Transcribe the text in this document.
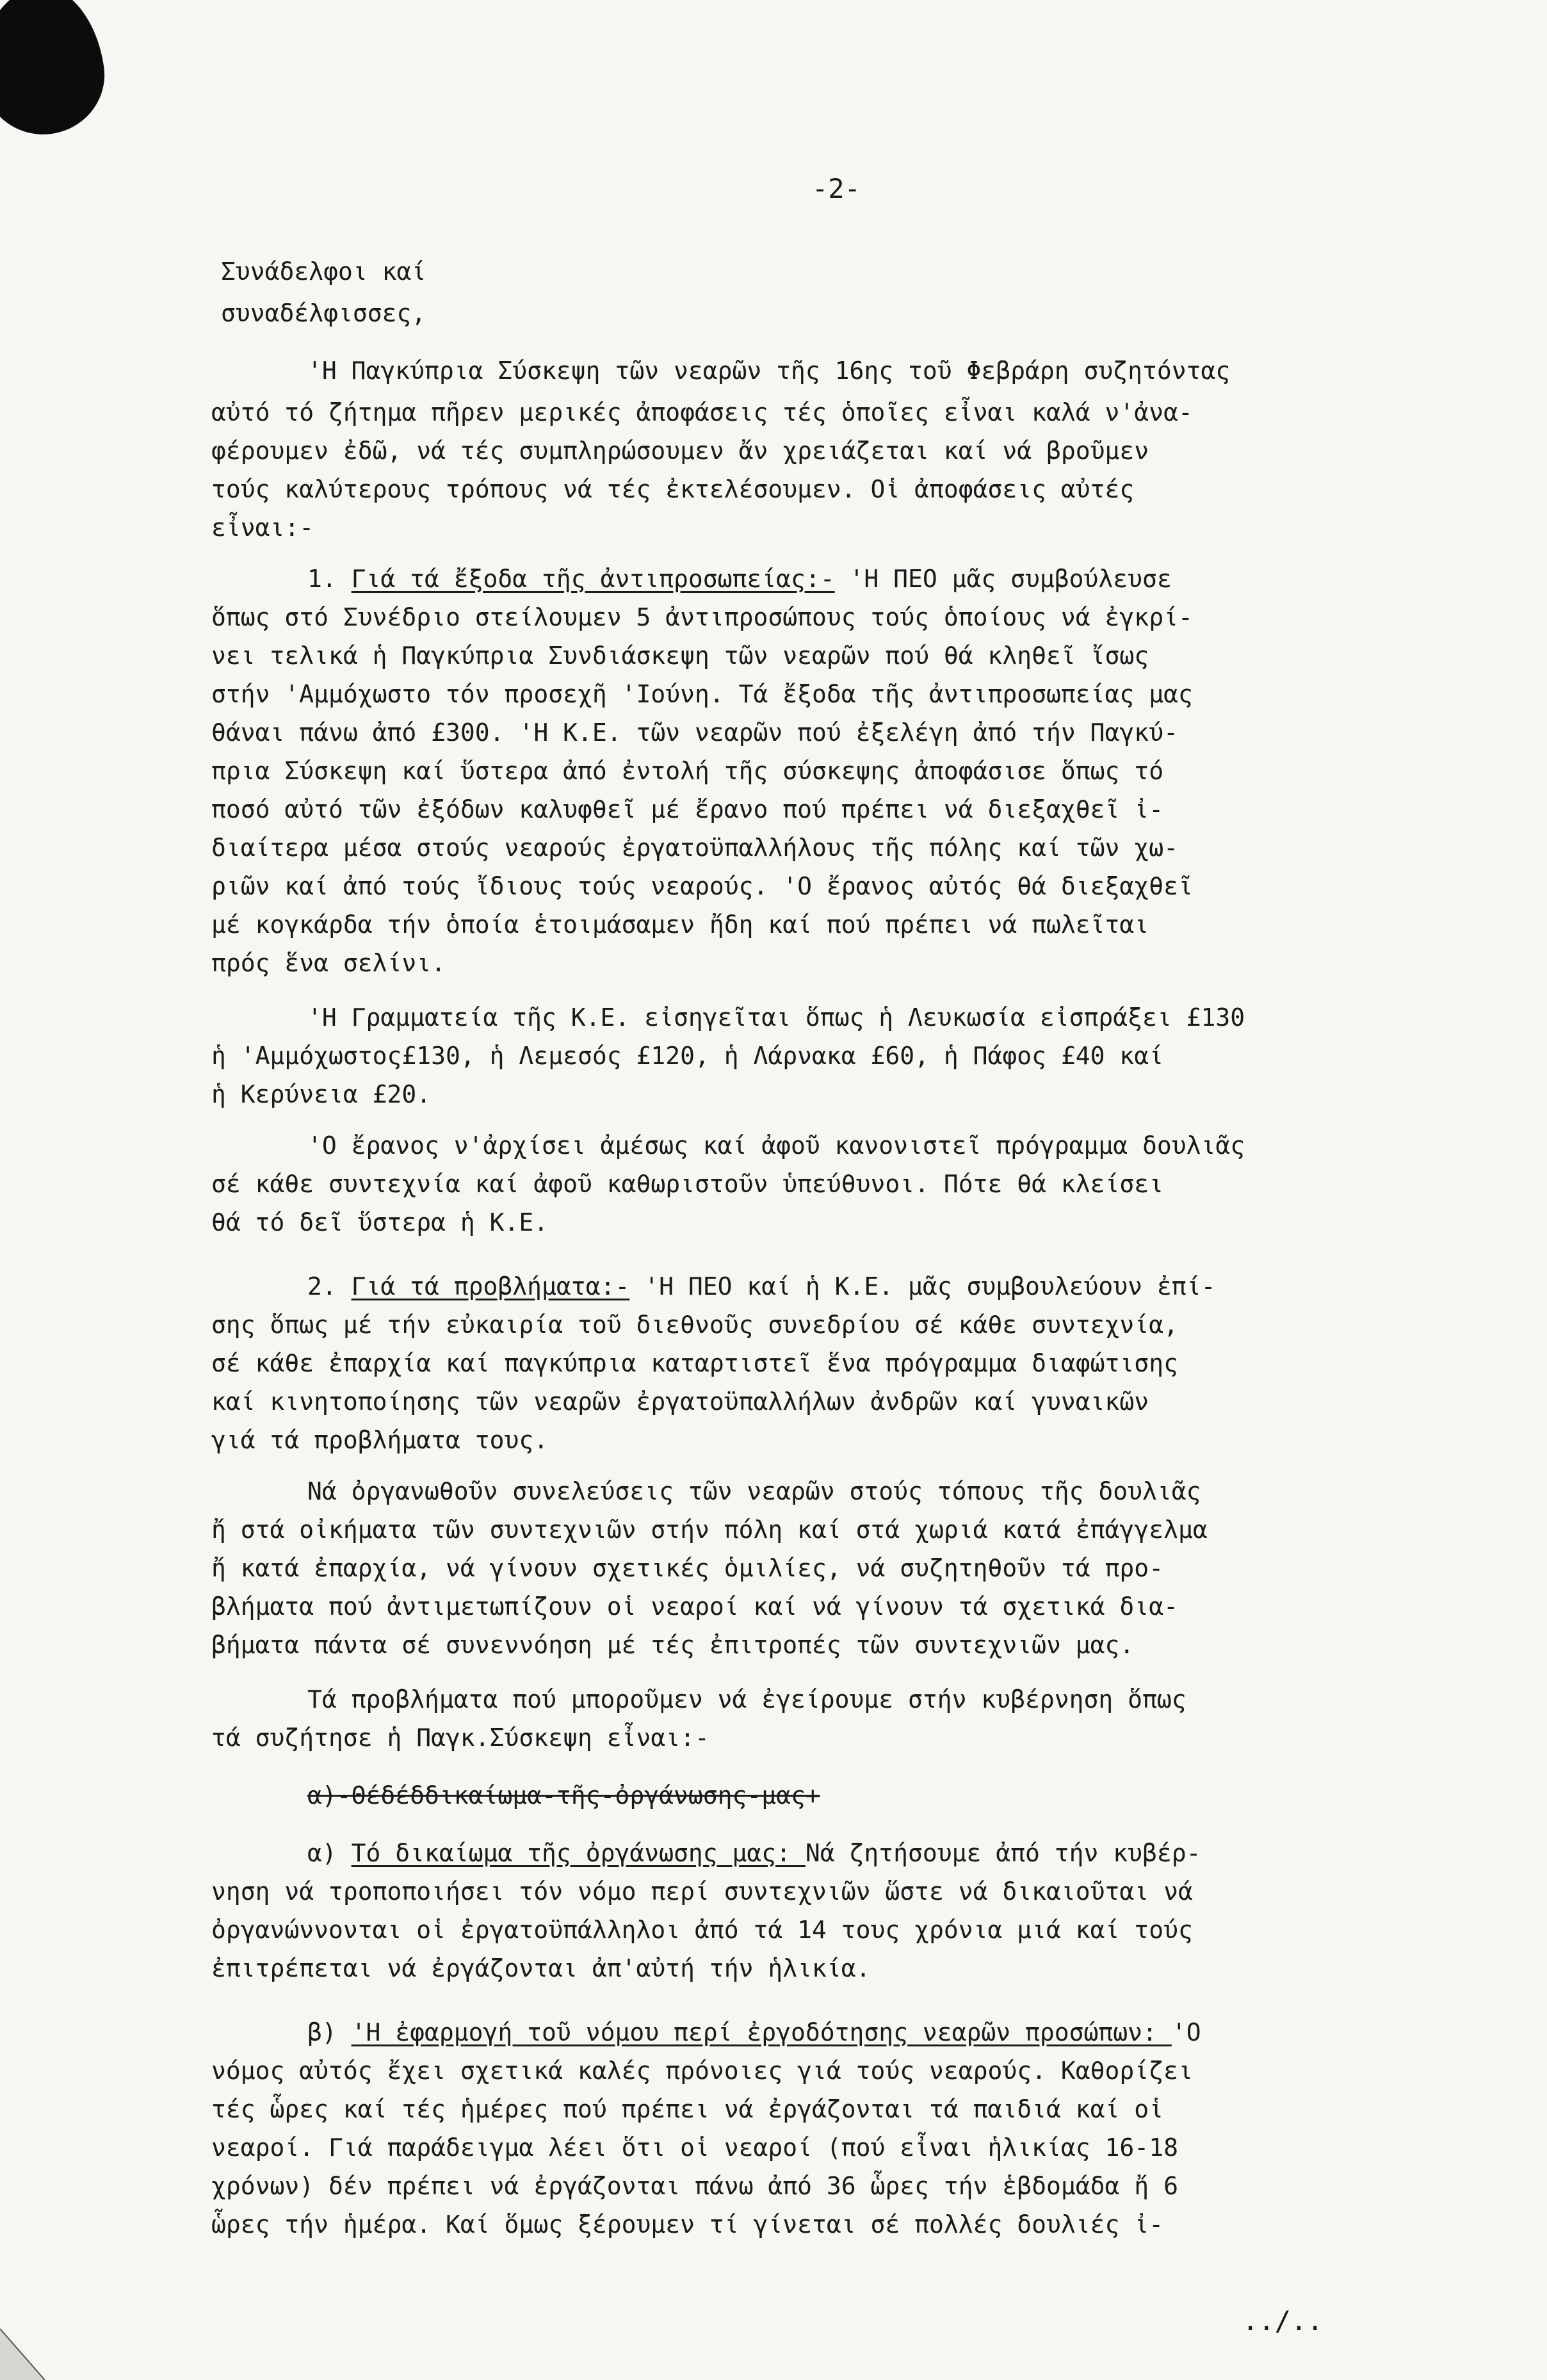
-2-
Συνάδελφοι καί
συναδέλφισσες,
'Η Παγκύπρια Σύσκεψη τῶν νεαρῶν τῆς 16ης τοῦ Φεβράρη συζητόντας
αὐτό τό ζήτημα πῆρεν μερικές ἀποφάσεις τές ὁποῖες εἶναι καλά ν'ἀνα-
φέρουμεν ἐδῶ, νά τές συμπληρώσουμεν ἄν χρειάζεται καί νά βροῦμεν
τούς καλύτερους τρόπους νά τές ἐκτελέσουμεν. Οἱ ἀποφάσεις αὐτές
εἶναι:-
1. Γιά τά ἔξοδα τῆς ἀντιπροσωπείας:- 'Η ΠΕΟ μᾶς συμβούλευσε
ὅπως στό Συνέδριο στείλουμεν 5 ἀντιπροσώπους τούς ὁποίους νά ἐγκρί-
νει τελικά ἡ Παγκύπρια Συνδιάσκεψη τῶν νεαρῶν πού θά κληθεῖ ἴσως
στήν 'Αμμόχωστο τόν προσεχῆ 'Ιούνη. Τά ἔξοδα τῆς ἀντιπροσωπείας μας
θάναι πάνω ἀπό £300. 'Η Κ.Ε. τῶν νεαρῶν πού ἐξελέγη ἀπό τήν Παγκύ-
πρια Σύσκεψη καί ὕστερα ἀπό ἐντολή τῆς σύσκεψης ἀποφάσισε ὅπως τό
ποσό αὐτό τῶν ἐξόδων καλυφθεῖ μέ ἔρανο πού πρέπει νά διεξαχθεῖ ἰ-
διαίτερα μέσα στούς νεαρούς ἐργατοϋπαλλήλους τῆς πόλης καί τῶν χω-
ριῶν καί ἀπό τούς ἴδιους τούς νεαρούς. 'Ο ἔρανος αὐτός θά διεξαχθεῖ
μέ κογκάρδα τήν ὁποία ἑτοιμάσαμεν ἤδη καί πού πρέπει νά πωλεῖται
πρός ἕνα σελίνι.
'Η Γραμματεία τῆς Κ.Ε. εἰσηγεῖται ὅπως ἡ Λευκωσία εἰσπράξει £130
ἡ 'Αμμόχωστος£130, ἡ Λεμεσός £120, ἡ Λάρνακα £60, ἡ Πάφος £40 καί
ἡ Κερύνεια £20.
'Ο ἔρανος ν'ἀρχίσει ἀμέσως καί ἀφοῦ κανονιστεῖ πρόγραμμα δουλιᾶς
σέ κάθε συντεχνία καί ἀφοῦ καθωριστοῦν ὑπεύθυνοι. Πότε θά κλείσει
θά τό δεῖ ὕστερα ἡ Κ.Ε.
2. Γιά τά προβλήματα:- 'Η ΠΕΟ καί ἡ Κ.Ε. μᾶς συμβουλεύουν ἐπί-
σης ὅπως μέ τήν εὐκαιρία τοῦ διεθνοῦς συνεδρίου σέ κάθε συντεχνία,
σέ κάθε ἐπαρχία καί παγκύπρια καταρτιστεῖ ἕνα πρόγραμμα διαφώτισης
καί κινητοποίησης τῶν νεαρῶν ἐργατοϋπαλλήλων ἀνδρῶν καί γυναικῶν
γιά τά προβλήματα τους.
Νά ὀργανωθοῦν συνελεύσεις τῶν νεαρῶν στούς τόπους τῆς δουλιᾶς
ἤ στά οἰκήματα τῶν συντεχνιῶν στήν πόλη καί στά χωριά κατά ἐπάγγελμα
ἤ κατά ἐπαρχία, νά γίνουν σχετικές ὁμιλίες, νά συζητηθοῦν τά προ-
βλήματα πού ἀντιμετωπίζουν οἱ νεαροί καί νά γίνουν τά σχετικά δια-
βήματα πάντα σέ συνεννόηση μέ τές ἐπιτροπές τῶν συντεχνιῶν μας.
Τά προβλήματα πού μποροῦμεν νά ἐγείρουμε στήν κυβέρνηση ὅπως
τά συζήτησε ἡ Παγκ.Σύσκεψη εἶναι:-
α)-Θέδέδδικαίωμα-τῆς-ὀργάνωσης-μας+
α) Τό δικαίωμα τῆς ὀργάνωσης μας: Νά ζητήσουμε ἀπό τήν κυβέρ-
νηση νά τροποποιήσει τόν νόμο περί συντεχνιῶν ὥστε νά δικαιοῦται νά
ὀργανώννονται οἱ ἐργατοϋπάλληλοι ἀπό τά 14 τους χρόνια μιά καί τούς
ἐπιτρέπεται νά ἐργάζονται ἀπ'αὐτή τήν ἡλικία.
β) 'Η ἐφαρμογή τοῦ νόμου περί ἐργοδότησης νεαρῶν προσώπων: 'Ο
νόμος αὐτός ἔχει σχετικά καλές πρόνοιες γιά τούς νεαρούς. Καθορίζει
τές ὧρες καί τές ἡμέρες πού πρέπει νά ἐργάζονται τά παιδιά καί οἱ
νεαροί. Γιά παράδειγμα λέει ὅτι οἱ νεαροί (πού εἶναι ἡλικίας 16-18
χρόνων) δέν πρέπει νά ἐργάζονται πάνω ἀπό 36 ὧρες τήν ἑβδομάδα ἤ 6
ὧρες τήν ἡμέρα. Καί ὅμως ξέρουμεν τί γίνεται σέ πολλές δουλιές ἰ-
../..
